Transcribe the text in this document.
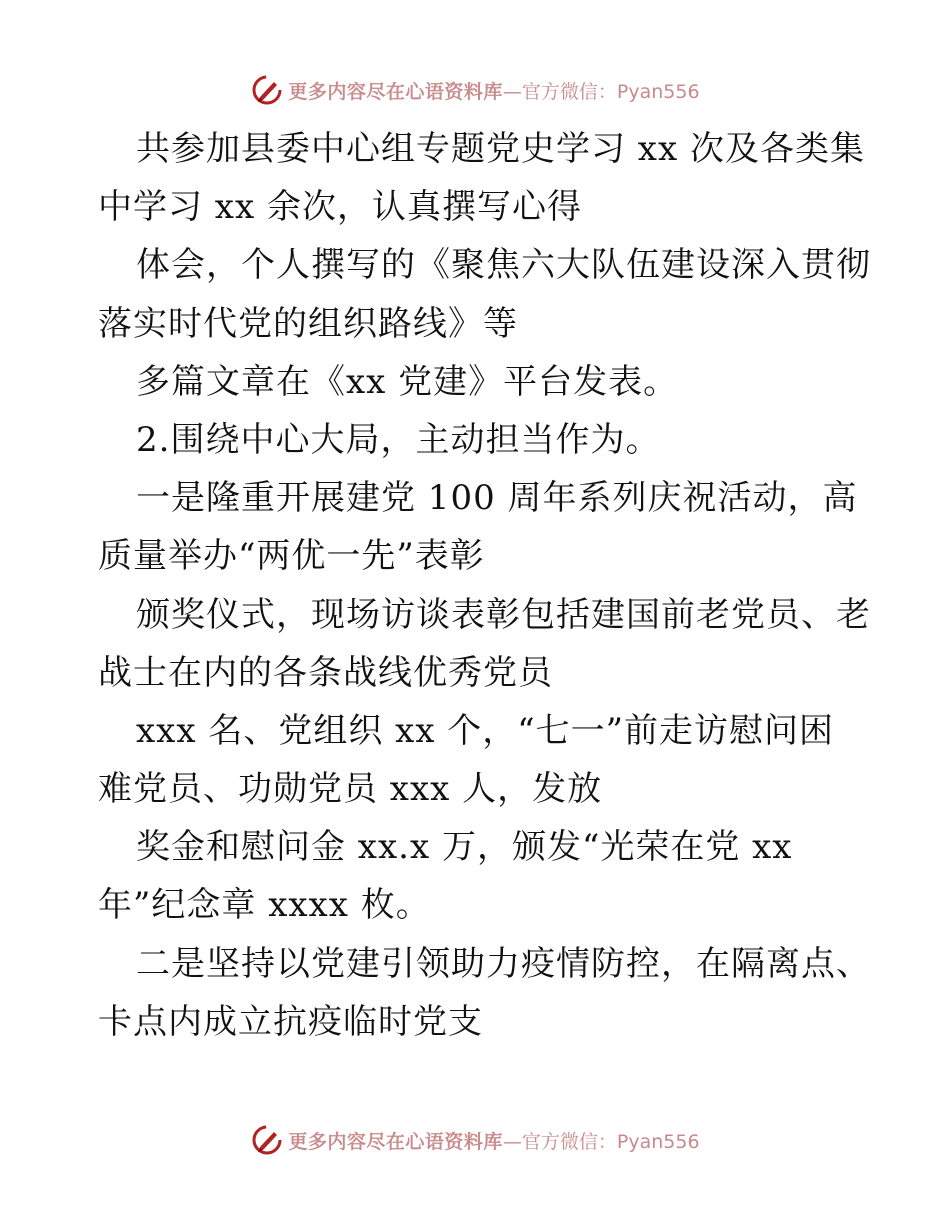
更多内容尽在心语资料库 —官方微信：Pyan556
共参加县委中心组专题党史学习 xx 次及各类集
中学习 xx 余次，认真撰写心得
体会，个人撰写的《聚焦六大队伍建设深入贯彻
落实时代党的组织路线》等
多篇文章在《xx 党建》平台发表。
2.围绕中心大局，主动担当作为。
一是隆重开展建党 100 周年系列庆祝活动，高
质量举办“两优一先”表彰
颁奖仪式，现场访谈表彰包括建国前老党员、老
战士在内的各条战线优秀党员
xxx 名、党组织 xx 个，“七一”前走访慰问困
难党员、功勋党员 xxx 人，发放
奖金和慰问金 xx.x 万，颁发“光荣在党 xx
年”纪念章 xxxx 枚。
二是坚持以党建引领助力疫情防控，在隔离点、
卡点内成立抗疫临时党支
更多内容尽在心语资料库 —官方微信：Pyan556
